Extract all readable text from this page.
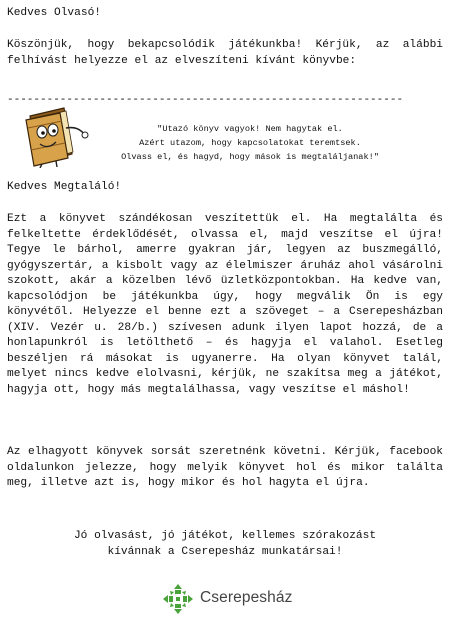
Kedves Olvasó!

Köszönjük, hogy bekapcsolódik játékunkba! Kérjük, az alábbi felhívást helyezze el az elveszíteni kívánt könyvbe:

------------------------------------------------------------
"Utazó könyv vagyok! Nem hagytak el.
Azért utazom, hogy kapcsolatokat teremtsek.
Olvass el, és hagyd, hogy mások is megtaláljanak!"

Kedves Megtaláló!

Ezt a könyvet szándékosan veszítettük el. Ha megtalálta és felkeltette érdeklődését, olvassa el, majd veszítse el újra! Tegye le bárhol, amerre gyakran jár, legyen az buszmegálló, gyógyszertár, a kisbolt vagy az élelmiszer áruház ahol vásárolni szokott, akár a közelben lévő üzletközpontokban. Ha kedve van, kapcsolódjon be játékunkba úgy, hogy megválik Ön is egy könyvétől. Helyezze el benne ezt a szöveget – a Cserepesházban (XIV. Vezér u. 28/b.) szívesen adunk ilyen lapot hozzá, de a honlapunkról is letölthető – és hagyja el valahol. Esetleg beszéljen rá másokat is ugyanerre. Ha olyan könyvet talál, melyet nincs kedve elolvasni, kérjük, ne szakítsa meg a játékot, hagyja ott, hogy más megtalálhassa, vagy veszítse el máshol!

Az elhagyott könyvek sorsát szeretnénk követni. Kérjük, facebook oldalunkon jelezze, hogy melyik könyvet hol és mikor találta meg, illetve azt is, hogy mikor és hol hagyta el újra.

Jó olvasást, jó játékot, kellemes szórakozást

kívánnak a Cserepesház munkatársai!

Cserepesház
